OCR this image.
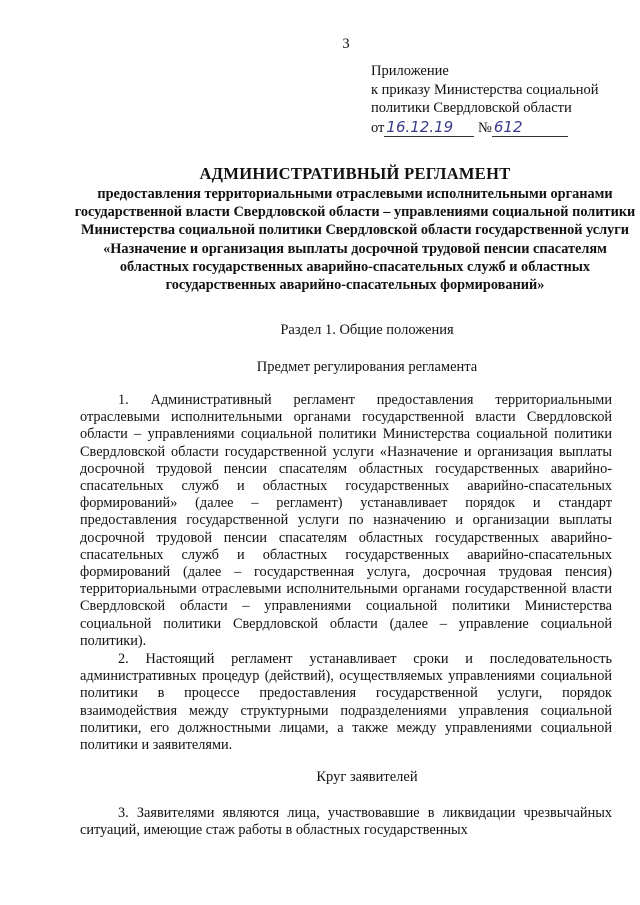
3
Приложение
к приказу Министерства социальной
политики Свердловской области
от 16.12.19 № 612
АДМИНИСТРАТИВНЫЙ РЕГЛАМЕНТ
предоставления территориальными отраслевыми исполнительными органами государственной власти Свердловской области – управлениями социальной политики Министерства социальной политики Свердловской области государственной услуги «Назначение и организация выплаты досрочной трудовой пенсии спасателям областных государственных аварийно-спасательных служб и областных государственных аварийно-спасательных формирований»
Раздел 1. Общие положения
Предмет регулирования регламента

1. Административный регламент предоставления территориальными отраслевыми исполнительными органами государственной власти Свердловской области – управлениями социальной политики Министерства социальной политики Свердловской области государственной услуги «Назначение и организация выплаты досрочной трудовой пенсии спасателям областных государственных аварийно-спасательных служб и областных государственных аварийно-спасательных формирований» (далее – регламент) устанавливает порядок и стандарт предоставления государственной услуги по назначению и организации выплаты досрочной трудовой пенсии спасателям областных государственных аварийно-спасательных служб и областных государственных аварийно-спасательных формирований (далее – государственная услуга, досрочная трудовая пенсия) территориальными отраслевыми исполнительными органами государственной власти Свердловской области – управлениями социальной политики Министерства социальной политики Свердловской области (далее – управление социальной политики).

2. Настоящий регламент устанавливает сроки и последовательность административных процедур (действий), осуществляемых управлениями социальной политики в процессе предоставления государственной услуги, порядок взаимодействия между структурными подразделениями управления социальной политики, его должностными лицами, а также между управлениями социальной политики и заявителями.

Круг заявителей

3. Заявителями являются лица, участвовавшие в ликвидации чрезвычайных ситуаций, имеющие стаж работы в областных государственных
